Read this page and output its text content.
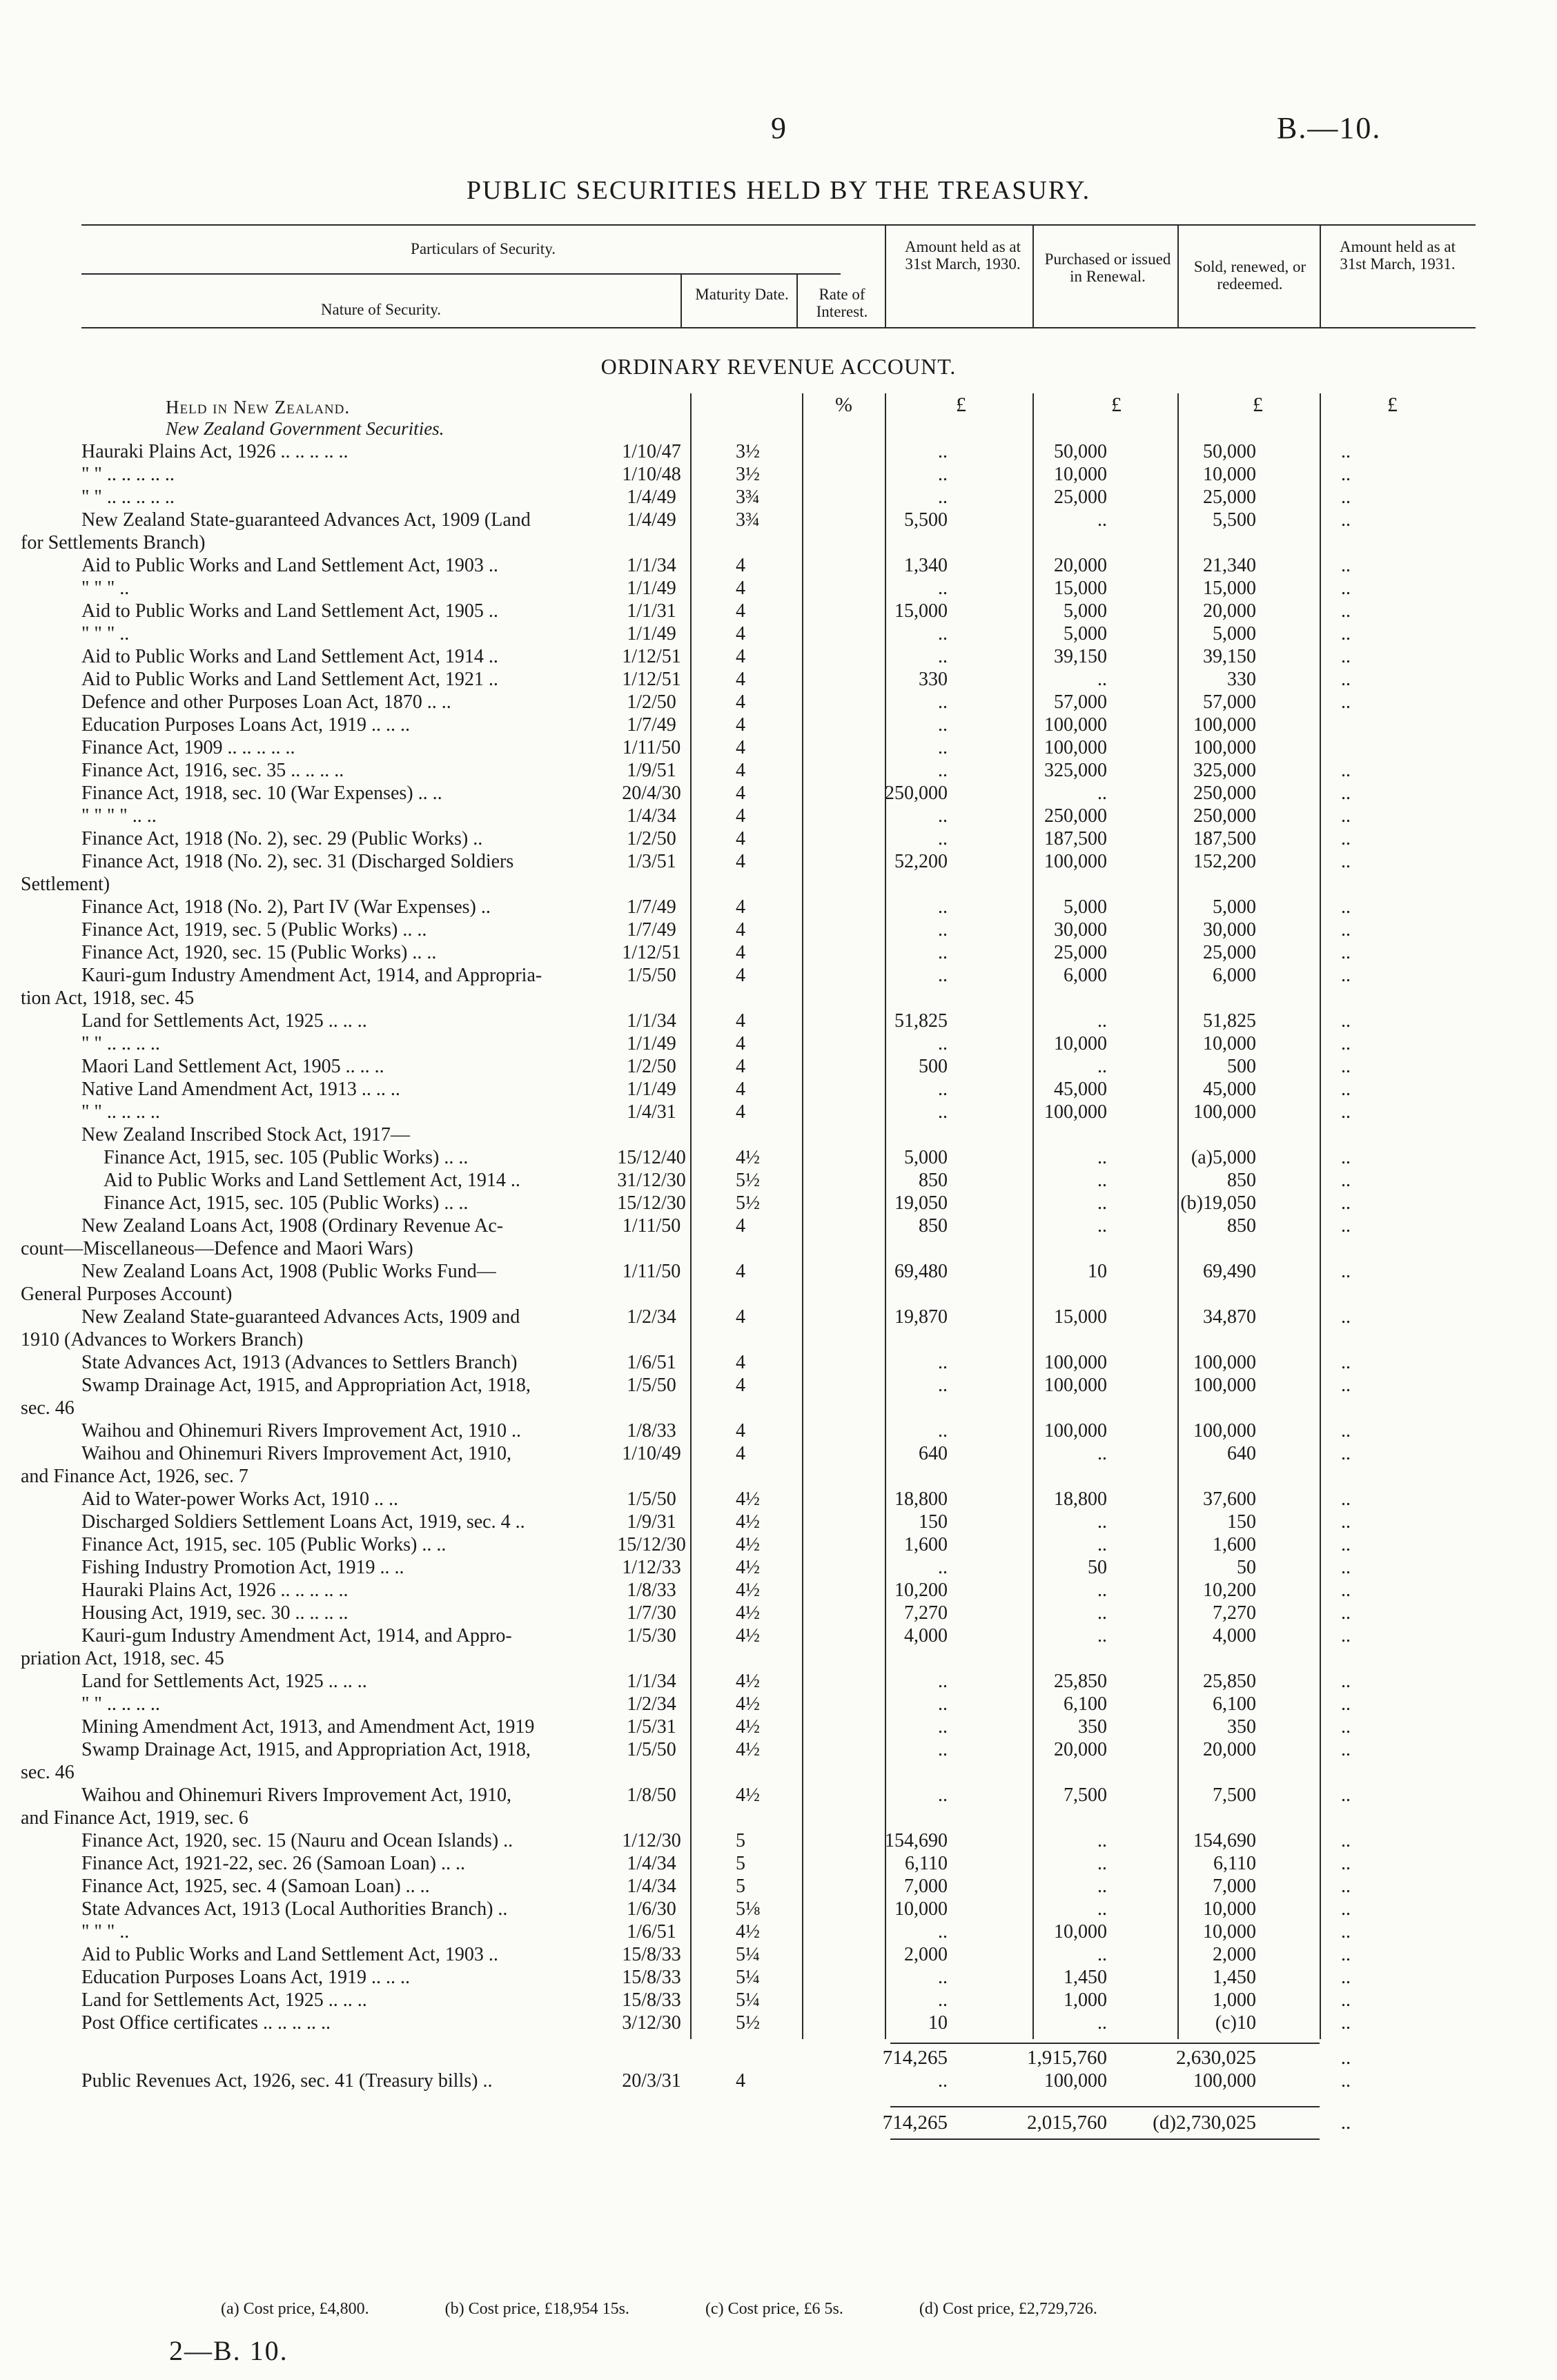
9	B.—10.
PUBLIC SECURITIES HELD BY THE TREASURY.
Particulars of Security.
Nature of Security.
Maturity Date.	Rate of Interest.
Amount held as at 31st March, 1930.	Purchased or issued in Renewal.
Sold, renewed, or redeemed.
Amount held as at 31st March, 1931.
ORDINARY REVENUE ACCOUNT.
%	£	£	£	£
Held in New Zealand.
New Zealand Government Securities.
Hauraki Plains Act, 1926 .. .. .. .. ..	1/10/47	3½	..	50,000	50,000	..
" " .. .. .. .. ..	1/10/48	3½	..	10,000	10,000	..
" " .. .. .. .. ..	1/4/49	3¾	..	25,000	25,000	..
New Zealand State-guaranteed Advances Act, 1909 (Land	1/4/49	3¾	5,500	..	5,500	..
for Settlements Branch)
Aid to Public Works and Land Settlement Act, 1903 ..	1/1/34	4	1,340	20,000	21,340	..
" " " ..	1/1/49	4	..	15,000	15,000	..
Aid to Public Works and Land Settlement Act, 1905 ..	1/1/31	4	15,000	5,000	20,000	..
" " " ..	1/1/49	4	..	5,000	5,000	..
Aid to Public Works and Land Settlement Act, 1914 ..	1/12/51	4	..	39,150	39,150	..
Aid to Public Works and Land Settlement Act, 1921 ..	1/12/51	4	330	..	330	..
Defence and other Purposes Loan Act, 1870 .. ..	1/2/50	4	..	57,000	57,000	..
Education Purposes Loans Act, 1919 .. .. ..	1/7/49	4	..	100,000	100,000
Finance Act, 1909 .. .. .. .. ..	1/11/50	4	..	100,000	100,000
Finance Act, 1916, sec. 35 .. .. .. ..	1/9/51	4	..	325,000	325,000	..
Finance Act, 1918, sec. 10 (War Expenses) .. ..	20/4/30	4	250,000	..	250,000	..
" " " " .. ..	1/4/34	4	..	250,000	250,000	..
Finance Act, 1918 (No. 2), sec. 29 (Public Works) ..	1/2/50	4	..	187,500	187,500	..
Finance Act, 1918 (No. 2), sec. 31 (Discharged Soldiers	1/3/51	4	52,200	100,000	152,200	..
Settlement)
Finance Act, 1918 (No. 2), Part IV (War Expenses) ..	1/7/49	4	..	5,000	5,000	..
Finance Act, 1919, sec. 5 (Public Works) .. ..	1/7/49	4	..	30,000	30,000	..
Finance Act, 1920, sec. 15 (Public Works) .. ..	1/12/51	4	..	25,000	25,000	..
Kauri-gum Industry Amendment Act, 1914, and Appropria-	1/5/50	4	..	6,000	6,000	..
tion Act, 1918, sec. 45
Land for Settlements Act, 1925 .. .. ..	1/1/34	4	51,825	..	51,825	..
" " .. .. .. ..	1/1/49	4	..	10,000	10,000	..
Maori Land Settlement Act, 1905 .. .. ..	1/2/50	4	500	..	500	..
Native Land Amendment Act, 1913 .. .. ..	1/1/49	4	..	45,000	45,000	..
" " .. .. .. ..	1/4/31	4	..	100,000	100,000	..
New Zealand Inscribed Stock Act, 1917—
Finance Act, 1915, sec. 105 (Public Works) .. ..	15/12/40	4½	5,000	..	(a)5,000	..
Aid to Public Works and Land Settlement Act, 1914 ..	31/12/30	5½	850	..	850	..
Finance Act, 1915, sec. 105 (Public Works) .. ..	15/12/30	5½	19,050	..	(b)19,050	..
New Zealand Loans Act, 1908 (Ordinary Revenue Ac-	1/11/50	4	850	..	850	..
count—Miscellaneous—Defence and Maori Wars)
New Zealand Loans Act, 1908 (Public Works Fund—	1/11/50	4	69,480	10	69,490	..
General Purposes Account)
New Zealand State-guaranteed Advances Acts, 1909 and	1/2/34	4	19,870	15,000	34,870	..
1910 (Advances to Workers Branch)
State Advances Act, 1913 (Advances to Settlers Branch)	1/6/51	4	..	100,000	100,000	..
Swamp Drainage Act, 1915, and Appropriation Act, 1918,	1/5/50	4	..	100,000	100,000	..
sec. 46
Waihou and Ohinemuri Rivers Improvement Act, 1910 ..	1/8/33	4	..	100,000	100,000	..
Waihou and Ohinemuri Rivers Improvement Act, 1910,	1/10/49	4	640	..	640	..
and Finance Act, 1926, sec. 7
Aid to Water-power Works Act, 1910 .. ..	1/5/50	4½	18,800	18,800	37,600	..
Discharged Soldiers Settlement Loans Act, 1919, sec. 4 ..	1/9/31	4½	150	..	150	..
Finance Act, 1915, sec. 105 (Public Works) .. ..	15/12/30	4½	1,600	..	1,600	..
Fishing Industry Promotion Act, 1919 .. ..	1/12/33	4½	..	50	50	..
Hauraki Plains Act, 1926 .. .. .. .. ..	1/8/33	4½	10,200	..	10,200	..
Housing Act, 1919, sec. 30 .. .. .. ..	1/7/30	4½	7,270	..	7,270	..
Kauri-gum Industry Amendment Act, 1914, and Appro-	1/5/30	4½	4,000	..	4,000	..
priation Act, 1918, sec. 45
Land for Settlements Act, 1925 .. .. ..	1/1/34	4½	..	25,850	25,850	..
" " .. .. .. ..	1/2/34	4½	..	6,100	6,100	..
Mining Amendment Act, 1913, and Amendment Act, 1919	1/5/31	4½	..	350	350	..
Swamp Drainage Act, 1915, and Appropriation Act, 1918,	1/5/50	4½	..	20,000	20,000	..
sec. 46
Waihou and Ohinemuri Rivers Improvement Act, 1910,	1/8/50	4½	..	7,500	7,500	..
and Finance Act, 1919, sec. 6
Finance Act, 1920, sec. 15 (Nauru and Ocean Islands) ..	1/12/30	5	154,690	..	154,690	..
Finance Act, 1921-22, sec. 26 (Samoan Loan) .. ..	1/4/34	5	6,110	..	6,110	..
Finance Act, 1925, sec. 4 (Samoan Loan) .. ..	1/4/34	5	7,000	..	7,000	..
State Advances Act, 1913 (Local Authorities Branch) ..	1/6/30	5⅛	10,000	..	10,000	..
" " " ..	1/6/51	4½	..	10,000	10,000	..
Aid to Public Works and Land Settlement Act, 1903 ..	15/8/33	5¼	2,000	..	2,000	..
Education Purposes Loans Act, 1919 .. .. ..	15/8/33	5¼	..	1,450	1,450	..
Land for Settlements Act, 1925 .. .. ..	15/8/33	5¼	..	1,000	1,000	..
Post Office certificates .. .. .. .. ..	3/12/30	5½	10	..	(c)10	..
714,265	1,915,760	2,630,025	..
Public Revenues Act, 1926, sec. 41 (Treasury bills) ..	20/3/31	4	..	100,000	100,000	..
714,265	2,015,760	(d)2,730,025	..
(a) Cost price, £4,800.	(b) Cost price, £18,954 15s.	(c) Cost price, £6 5s.	(d) Cost price, £2,729,726.
2—B. 10.
